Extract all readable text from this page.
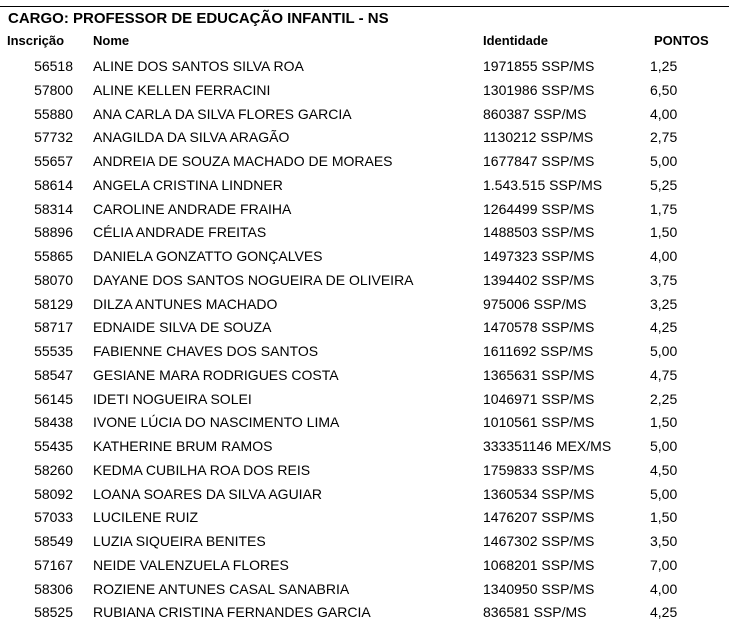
CARGO: PROFESSOR DE EDUCAÇÃO INFANTIL - NS
Inscrição Nome	Identidade	PONTOS
56518 ALINE DOS SANTOS SILVA ROA	1971855 SSP/MS	1,25
57800 ALINE KELLEN FERRACINI	1301986 SSP/MS	6,50
55880 ANA CARLA DA SILVA FLORES GARCIA	860387 SSP/MS	4,00
57732 ANAGILDA DA SILVA ARAGÃO	1130212 SSP/MS	2,75
55657 ANDREIA DE SOUZA MACHADO DE MORAES	1677847 SSP/MS	5,00
58614 ANGELA CRISTINA LINDNER	1.543.515 SSP/MS	5,25
58314 CAROLINE ANDRADE FRAIHA	1264499 SSP/MS	1,75
58896 CÉLIA ANDRADE FREITAS	1488503 SSP/MS	1,50
55865 DANIELA GONZATTO GONÇALVES	1497323 SSP/MS	4,00
58070 DAYANE DOS SANTOS NOGUEIRA DE OLIVEIRA	1394402 SSP/MS	3,75
58129 DILZA ANTUNES MACHADO	975006 SSP/MS	3,25
58717 EDNAIDE SILVA DE SOUZA	1470578 SSP/MS	4,25
55535 FABIENNE CHAVES DOS SANTOS	1611692 SSP/MS	5,00
58547 GESIANE MARA RODRIGUES COSTA	1365631 SSP/MS	4,75
56145 IDETI NOGUEIRA SOLEI	1046971 SSP/MS	2,25
58438 IVONE LÚCIA DO NASCIMENTO LIMA	1010561 SSP/MS	1,50
55435 KATHERINE BRUM RAMOS	333351146 MEX/MS	5,00
58260 KEDMA CUBILHA ROA DOS REIS	1759833 SSP/MS	4,50
58092 LOANA SOARES DA SILVA AGUIAR	1360534 SSP/MS	5,00
57033 LUCILENE RUIZ	1476207 SSP/MS	1,50
58549 LUZIA SIQUEIRA BENITES	1467302 SSP/MS	3,50
57167 NEIDE VALENZUELA FLORES	1068201 SSP/MS	7,00
58306 ROZIENE ANTUNES CASAL SANABRIA	1340950 SSP/MS	4,00
58525 RUBIANA CRISTINA FERNANDES GARCIA	836581 SSP/MS	4,25
